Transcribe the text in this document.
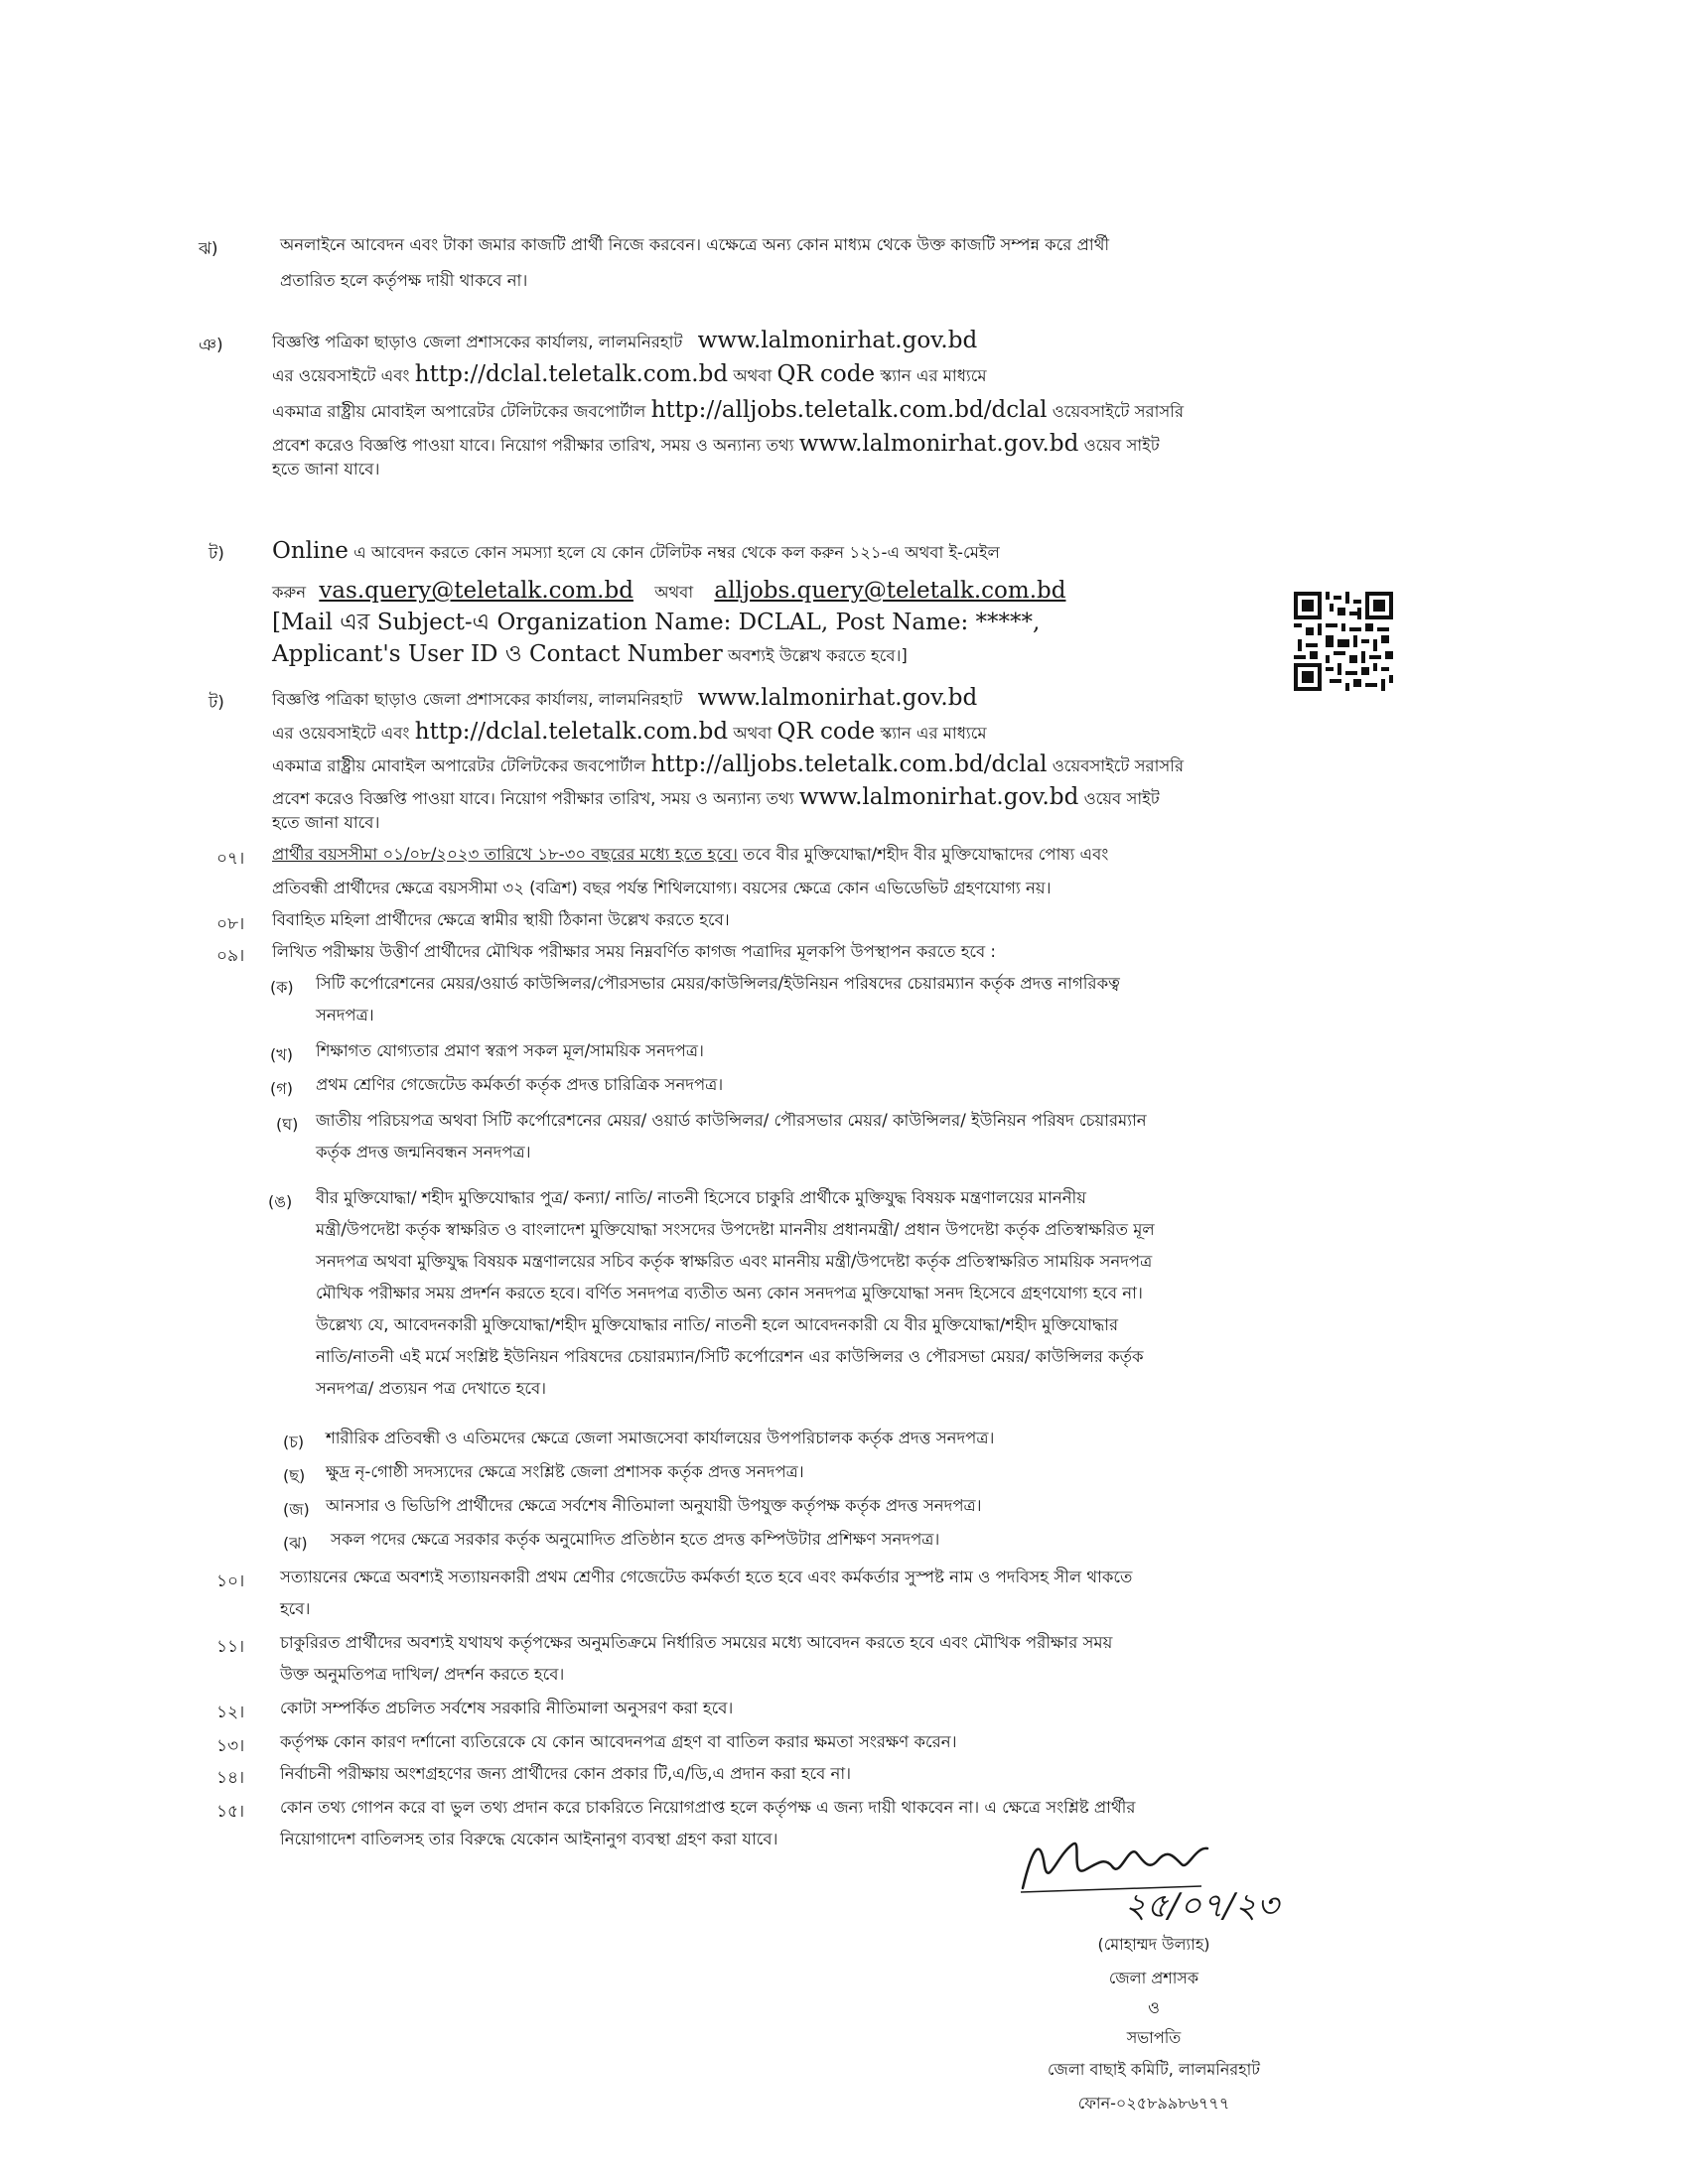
ঝ)	অনলাইনে আবেদন এবং টাকা জমার কাজটি প্রার্থী নিজে করবেন। এক্ষেত্রে অন্য কোন মাধ্যম থেকে উক্ত কাজটি সম্পন্ন করে প্রার্থী
প্রতারিত হলে কর্তৃপক্ষ দায়ী থাকবে না।
ঞ)	বিজ্ঞপ্তি পত্রিকা ছাড়াও জেলা প্রশাসকের কার্যালয়, লালমনিরহাট www.lalmonirhat.gov.bd
এর ওয়েবসাইটে এবং http://dclal.teletalk.com.bd অথবা QR code স্ক্যান এর মাধ্যমে
একমাত্র রাষ্ট্রীয় মোবাইল অপারেটর টেলিটকের জবপোর্টাল http://alljobs.teletalk.com.bd/dclal ওয়েবসাইটে সরাসরি
প্রবেশ করেও বিজ্ঞপ্তি পাওয়া যাবে। নিয়োগ পরীক্ষার তারিখ, সময় ও অন্যান্য তথ্য www.lalmonirhat.gov.bd ওয়েব সাইট
হতে জানা যাবে।
ট) Online এ আবেদন করতে কোন সমস্যা হলে যে কোন টেলিটক নম্বর থেকে কল করুন ১২১-এ অথবা ই-মেইল
করুন vas.query@teletalk.com.bd অথবা alljobs.query@teletalk.com.bd
[Mail এর Subject-এ Organization Name: DCLAL, Post Name: *****,
Applicant's User ID ও Contact Number অবশ্যই উল্লেখ করতে হবে।]
ট)	বিজ্ঞপ্তি পত্রিকা ছাড়াও জেলা প্রশাসকের কার্যালয়, লালমনিরহাট www.lalmonirhat.gov.bd
এর ওয়েবসাইটে এবং http://dclal.teletalk.com.bd অথবা QR code স্ক্যান এর মাধ্যমে
একমাত্র রাষ্ট্রীয় মোবাইল অপারেটর টেলিটকের জবপোর্টাল http://alljobs.teletalk.com.bd/dclal ওয়েবসাইটে সরাসরি
প্রবেশ করেও বিজ্ঞপ্তি পাওয়া যাবে। নিয়োগ পরীক্ষার তারিখ, সময় ও অন্যান্য তথ্য www.lalmonirhat.gov.bd ওয়েব সাইট
হতে জানা যাবে।
০৭। প্রার্থীর বয়সসীমা ০১/০৮/২০২৩ তারিখে ১৮-৩০ বছরের মধ্যে হতে হবে। তবে বীর মুক্তিযোদ্ধা/শহীদ বীর মুক্তিযোদ্ধাদের পোষ্য এবং
প্রতিবন্ধী প্রার্থীদের ক্ষেত্রে বয়সসীমা ৩২ (বত্রিশ) বছর পর্যন্ত শিথিলযোগ্য। বয়সের ক্ষেত্রে কোন এভিডেভিট গ্রহণযোগ্য নয়।
০৮। বিবাহিত মহিলা প্রার্থীদের ক্ষেত্রে স্বামীর স্থায়ী ঠিকানা উল্লেখ করতে হবে।
০৯। লিখিত পরীক্ষায় উত্তীর্ণ প্রার্থীদের মৌখিক পরীক্ষার সময় নিম্নবর্ণিত কাগজ পত্রাদির মূলকপি উপস্থাপন করতে হবে :
(ক) সিটি কর্পোরেশনের মেয়র/ওয়ার্ড কাউন্সিলর/পৌরসভার মেয়র/কাউন্সিলর/ইউনিয়ন পরিষদের চেয়ারম্যান কর্তৃক প্রদত্ত নাগরিকত্ব
সনদপত্র।
(খ) শিক্ষাগত যোগ্যতার প্রমাণ স্বরূপ সকল মূল/সাময়িক সনদপত্র।
(গ) প্রথম শ্রেণির গেজেটেড কর্মকর্তা কর্তৃক প্রদত্ত চারিত্রিক সনদপত্র।
(ঘ) জাতীয় পরিচয়পত্র অথবা সিটি কর্পোরেশনের মেয়র/ ওয়ার্ড কাউন্সিলর/ পৌরসভার মেয়র/ কাউন্সিলর/ ইউনিয়ন পরিষদ চেয়ারম্যান
কর্তৃক প্রদত্ত জন্মনিবন্ধন সনদপত্র।
(ঙ) বীর মুক্তিযোদ্ধা/ শহীদ মুক্তিযোদ্ধার পুত্র/ কন্যা/ নাতি/ নাতনী হিসেবে চাকুরি প্রার্থীকে মুক্তিযুদ্ধ বিষয়ক মন্ত্রণালয়ের মাননীয়
মন্ত্রী/উপদেষ্টা কর্তৃক স্বাক্ষরিত ও বাংলাদেশ মুক্তিযোদ্ধা সংসদের উপদেষ্টা মাননীয় প্রধানমন্ত্রী/ প্রধান উপদেষ্টা কর্তৃক প্রতিস্বাক্ষরিত মূল
সনদপত্র অথবা মুক্তিযুদ্ধ বিষয়ক মন্ত্রণালয়ের সচিব কর্তৃক স্বাক্ষরিত এবং মাননীয় মন্ত্রী/উপদেষ্টা কর্তৃক প্রতিস্বাক্ষরিত সাময়িক সনদপত্র
মৌখিক পরীক্ষার সময় প্রদর্শন করতে হবে। বর্ণিত সনদপত্র ব্যতীত অন্য কোন সনদপত্র মুক্তিযোদ্ধা সনদ হিসেবে গ্রহণযোগ্য হবে না।
উল্লেখ্য যে, আবেদনকারী মুক্তিযোদ্ধা/শহীদ মুক্তিযোদ্ধার নাতি/ নাতনী হলে আবেদনকারী যে বীর মুক্তিযোদ্ধা/শহীদ মুক্তিযোদ্ধার
নাতি/নাতনী এই মর্মে সংশ্লিষ্ট ইউনিয়ন পরিষদের চেয়ারম্যান/সিটি কর্পোরেশন এর কাউন্সিলর ও পৌরসভা মেয়র/ কাউন্সিলর কর্তৃক
সনদপত্র/ প্রত্যয়ন পত্র দেখাতে হবে।
(চ) শারীরিক প্রতিবন্ধী ও এতিমদের ক্ষেত্রে জেলা সমাজসেবা কার্যালয়ের উপপরিচালক কর্তৃক প্রদত্ত সনদপত্র।
(ছ) ক্ষুদ্র নৃ-গোষ্ঠী সদস্যদের ক্ষেত্রে সংশ্লিষ্ট জেলা প্রশাসক কর্তৃক প্রদত্ত সনদপত্র।
(জ) আনসার ও ভিডিপি প্রার্থীদের ক্ষেত্রে সর্বশেষ নীতিমালা অনুযায়ী উপযুক্ত কর্তৃপক্ষ কর্তৃক প্রদত্ত সনদপত্র।
(ঝ) সকল পদের ক্ষেত্রে সরকার কর্তৃক অনুমোদিত প্রতিষ্ঠান হতে প্রদত্ত কম্পিউটার প্রশিক্ষণ সনদপত্র।
১০। সত্যায়নের ক্ষেত্রে অবশ্যই সত্যায়নকারী প্রথম শ্রেণীর গেজেটেড কর্মকর্তা হতে হবে এবং কর্মকর্তার সুস্পষ্ট নাম ও পদবিসহ সীল থাকতে
হবে।
১১। চাকুরিরত প্রার্থীদের অবশ্যই যথাযথ কর্তৃপক্ষের অনুমতিক্রমে নির্ধারিত সময়ের মধ্যে আবেদন করতে হবে এবং মৌখিক পরীক্ষার সময়
উক্ত অনুমতিপত্র দাখিল/ প্রদর্শন করতে হবে।
১২। কোটা সম্পর্কিত প্রচলিত সর্বশেষ সরকারি নীতিমালা অনুসরণ করা হবে।
১৩। কর্তৃপক্ষ কোন কারণ দর্শানো ব্যতিরেকে যে কোন আবেদনপত্র গ্রহণ বা বাতিল করার ক্ষমতা সংরক্ষণ করেন।
১৪। নির্বাচনী পরীক্ষায় অংশগ্রহণের জন্য প্রার্থীদের কোন প্রকার টি,এ/ডি,এ প্রদান করা হবে না।
১৫। কোন তথ্য গোপন করে বা ভুল তথ্য প্রদান করে চাকরিতে নিয়োগপ্রাপ্ত হলে কর্তৃপক্ষ এ জন্য দায়ী থাকবেন না। এ ক্ষেত্রে সংশ্লিষ্ট প্রার্থীর
নিয়োগাদেশ বাতিলসহ তার বিরুদ্ধে যেকোন আইনানুগ ব্যবস্থা গ্রহণ করা যাবে।
২৫/০৭/২৩
(মোহাম্মদ উল্যাহ)
জেলা প্রশাসক
ও
সভাপতি
জেলা বাছাই কমিটি, লালমনিরহাট
ফোন-০২৫৮৯৯৮৬৭৭৭
